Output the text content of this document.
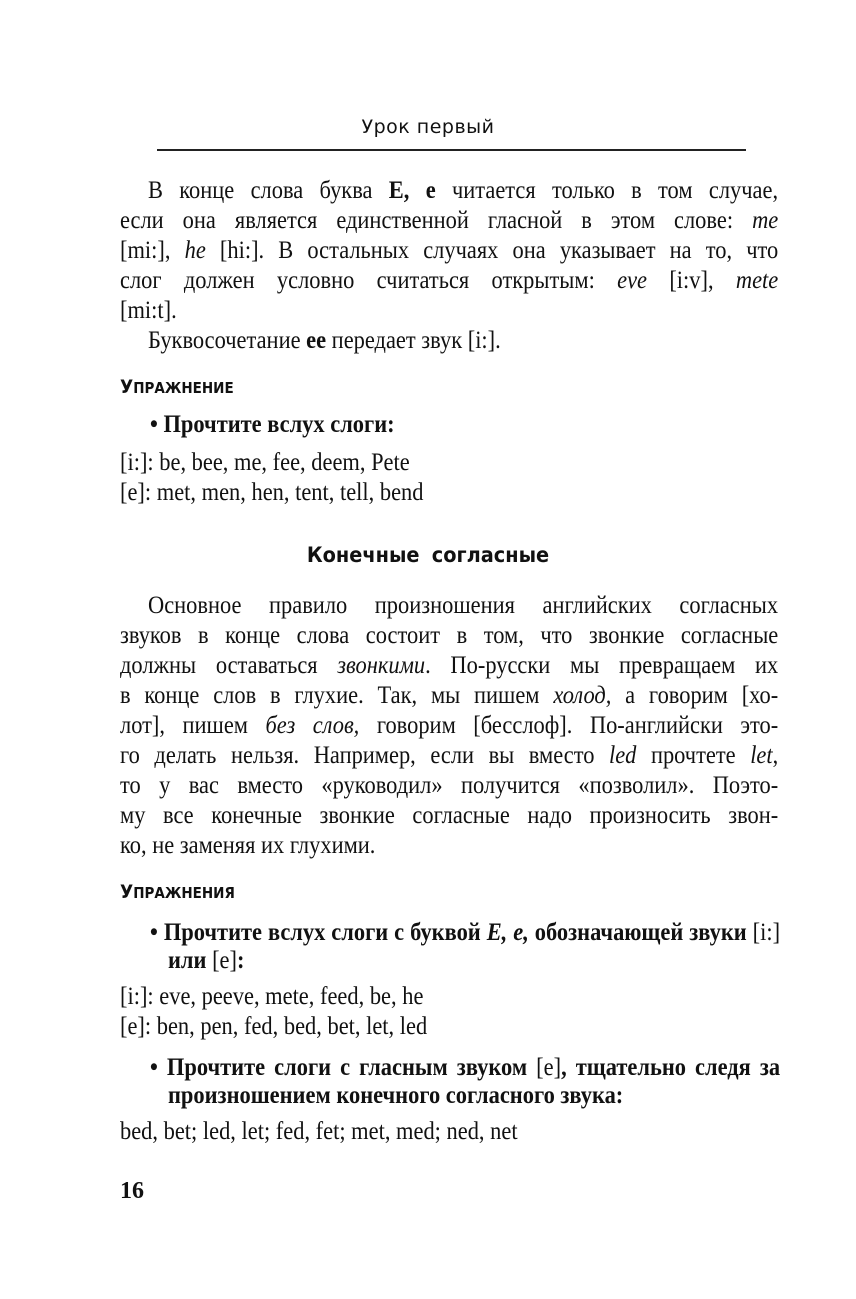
Урок первый
В конце слова буква E, e читается только в том случае,
если она является единственной гласной в этом слове: me
[mi:], he [hi:]. В остальных случаях она указывает на то, что
слог должен условно считаться открытым: eve [i:v], mete
[mi:t].
Буквосочетание ee передает звук [i:].
УПРАЖНЕНИЕ
• Прочтите вслух слоги:
[i:]: be, bee, me, fee, deem, Pete
[e]: met, men, hen, tent, tell, bend
Конечные согласные
Основное правило произношения английских согласных
звуков в конце слова состоит в том, что звонкие согласные
должны оставаться звонкими. По-русски мы превращаем их
в конце слов в глухие. Так, мы пишем холод, а говорим [хо-
лот], пишем без слов, говорим [бесслоф]. По-английски это-
го делать нельзя. Например, если вы вместо led прочтете let,
то у вас вместо «руководил» получится «позволил». Поэто-
му все конечные звонкие согласные надо произносить звон-
ко, не заменяя их глухими.
УПРАЖНЕНИЯ
• Прочтите вслух слоги с буквой E, e, обозначающей звуки [i:]
или [e]:
[i:]: eve, peeve, mete, feed, be, he
[e]: ben, pen, fed, bed, bet, let, led
• Прочтите слоги с гласным звуком [e], тщательно следя за
произношением конечного согласного звука:
bed, bet; led, let; fed, fet; met, med; ned, net
16
